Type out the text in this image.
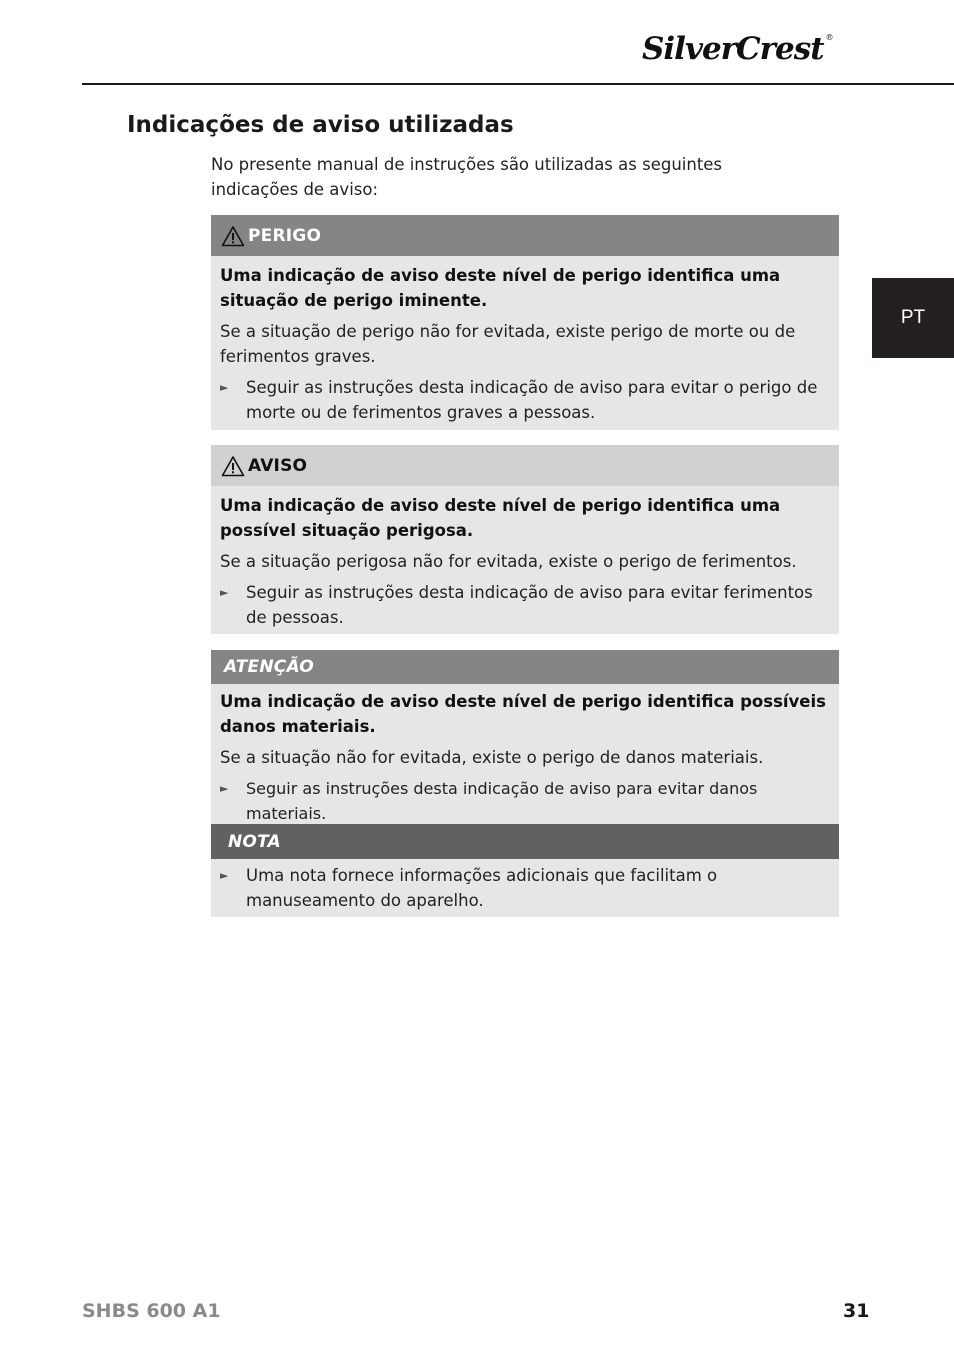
SilverCrest ®
PT
Indicações de aviso utilizadas

No presente manual de instruções são utilizadas as seguintes indicações de aviso:

PERIGO

Uma indicação de aviso deste nível de perigo identifica uma situação de perigo iminente.

Se a situação de perigo não for evitada, existe perigo de morte ou de ferimentos graves.

►	Seguir as instruções desta indicação de aviso para evitar o perigo de morte ou de ferimentos graves a pessoas.
AVISO

Uma indicação de aviso deste nível de perigo identifica uma possível situação perigosa.

Se a situação perigosa não for evitada, existe o perigo de ferimentos.

►	Seguir as instruções desta indicação de aviso para evitar ferimentos de pessoas.
ATENÇÃO

Uma indicação de aviso deste nível de perigo identifica possíveis danos materiais.

Se a situação não for evitada, existe o perigo de danos materiais.

►	Seguir as instruções desta indicação de aviso para evitar danos materiais.
NOTA
►	Uma nota fornece informações adicionais que facilitam o manuseamento do aparelho.
SHBS 600 A1	31
